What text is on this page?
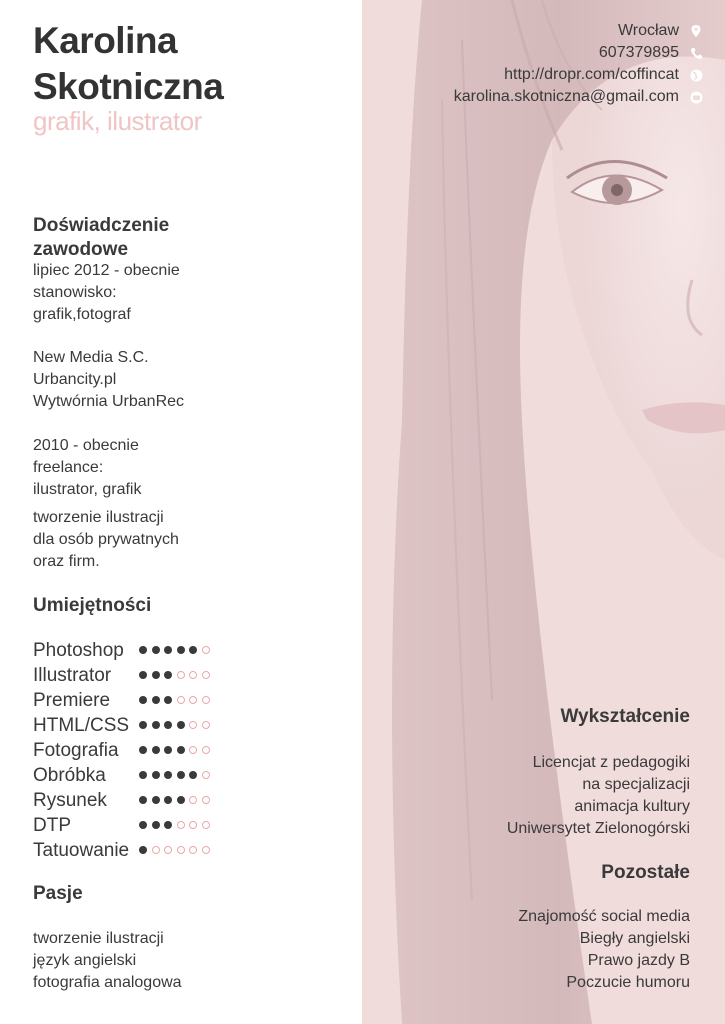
Wrocław
607379895
http://dropr.com/coffincat
karolina.skotniczna@gmail.com
Wykształcenie
Licencjat z pedagogiki
na specjalizacji
animacja kultury
Uniwersytet Zielonogórski
Pozostałe
Znajomość social media
Biegły angielski
Prawo jazdy B
Poczucie humoru
Karolina
Skotniczna
grafik, ilustrator
Doświadczenie
zawodowe
lipiec 2012 - obecnie
stanowisko:
grafik,fotograf
New Media S.C.
Urbancity.pl
Wytwórnia UrbanRec
2010 - obecnie
freelance:
ilustrator, grafik
tworzenie ilustracji
dla osób prywatnych
oraz firm.
Umiejętności
Photoshop
Illustrator
Premiere
HTML/CSS
Fotografia
Obróbka
Rysunek
DTP
Tatuowanie
Pasje
tworzenie ilustracji
język angielski
fotografia analogowa
